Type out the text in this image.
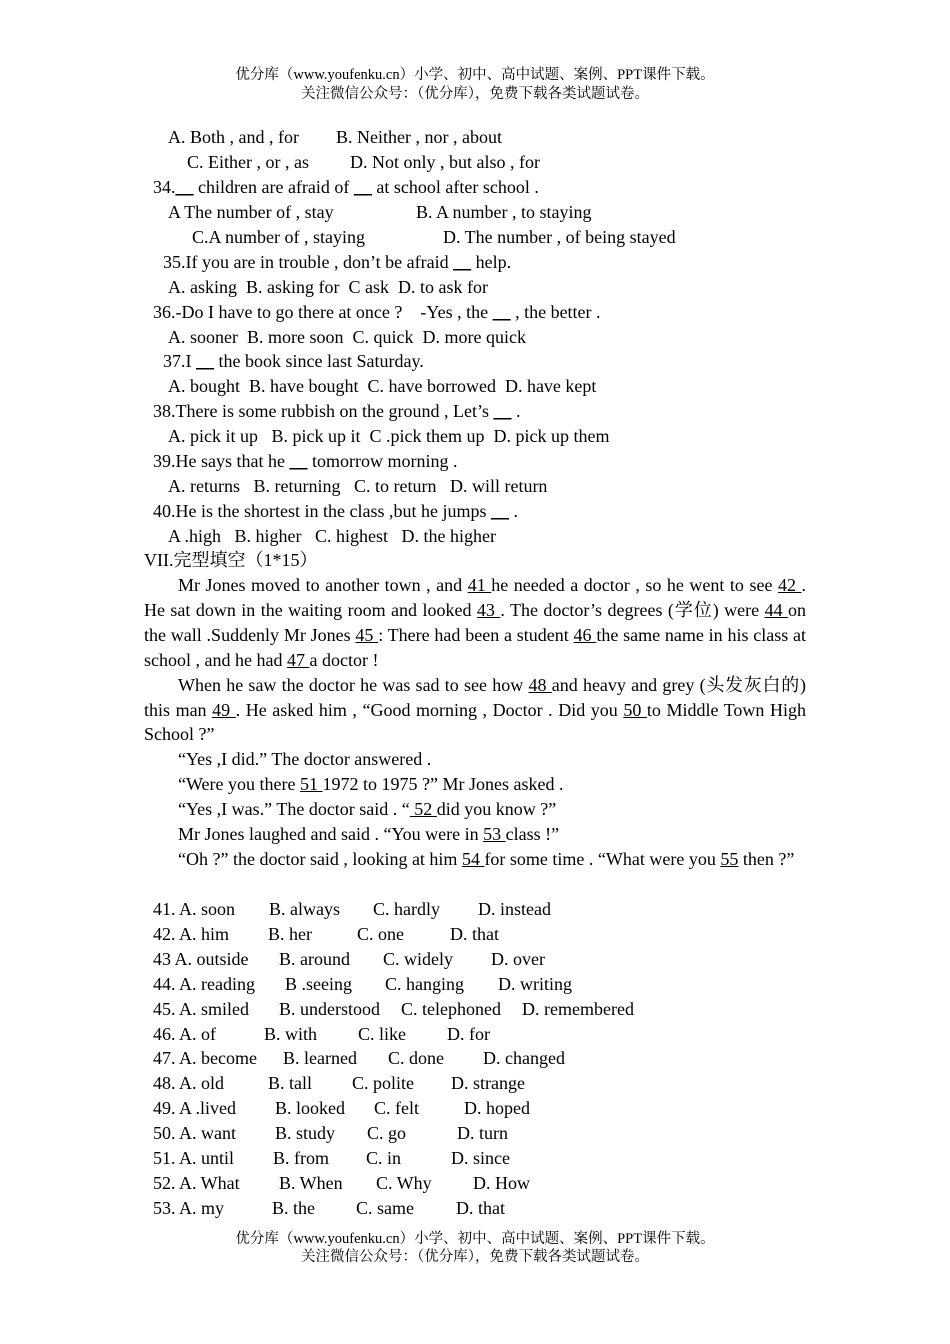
优分库（www.youfenku.cn）小学、初中、高中试题、案例、PPT课件下载。
关注微信公众号：（优分库），免费下载各类试题试卷。
A. Both , and , for B. Neither , nor , about
C. Either , or , as D. Not only , but also , for
34.__ children are afraid of __ at school after school .
A The number of , stay	B. A number , to staying
C.A number of , staying	D. The number , of being stayed
35.If you are in trouble , don’t be afraid __ help.
A. asking  B. asking for  C ask  D. to ask for
36.-Do I have to go there at once ?    -Yes , the __ , the better .
A. sooner  B. more soon  C. quick  D. more quick
37.I __ the book since last Saturday.
A. bought  B. have bought  C. have borrowed  D. have kept
38.There is some rubbish on the ground , Let’s __ .
A. pick it up   B. pick up it  C .pick them up  D. pick up them
39.He says that he __ tomorrow morning .
A. returns   B. returning   C. to return   D. will return
40.He is the shortest in the class ,but he jumps __ .
A .high   B. higher   C. highest   D. the higher
VII.完型填空（1*15）

Mr Jones moved to another town , and 41 he needed a doctor , so he went to see 42 . He sat down in the waiting room and looked 43 . The doctor’s degrees (学位) were 44 on the wall .Suddenly Mr Jones 45 : There had been a student 46 the same name in his class at school , and he had 47 a doctor !

When he saw the doctor he was sad to see how 48 and heavy and grey (头发灰白的) this man 49 . He asked him , “Good morning , Doctor . Did you 50 to Middle Town High School ?”

“Yes ,I did.” The doctor answered .

“Were you there 51 1972 to 1975 ?” Mr Jones asked .

“Yes ,I was.” The doctor said . “ 52 did you know ?”

Mr Jones laughed and said . “You were in 53 class !”

“Oh ?” the doctor said , looking at him 54 for some time . “What were you 55 then ?”

41. A. soon B. always C. hardly D. instead
42. A. him B. her	C. one	D. that
43 A. outside B. around C. widely D. over
44. A. reading B .seeing C. hanging D. writing
45. A. smiled B. understood C. telephoned D. remembered
46. A. of	B. with C. like D. for
47. A. become B. learned C. done D. changed
48. A. old B. tall C. polite D. strange
49. A .lived B. looked C. felt	D. hoped
50. A. want B. study C. go	D. turn
51. A. until B. from C. in	D. since
52. A. What B. When C. Why D. How
53. A. my	B. the C. same D. that
优分库（www.youfenku.cn）小学、初中、高中试题、案例、PPT课件下载。
关注微信公众号：（优分库），免费下载各类试题试卷。
